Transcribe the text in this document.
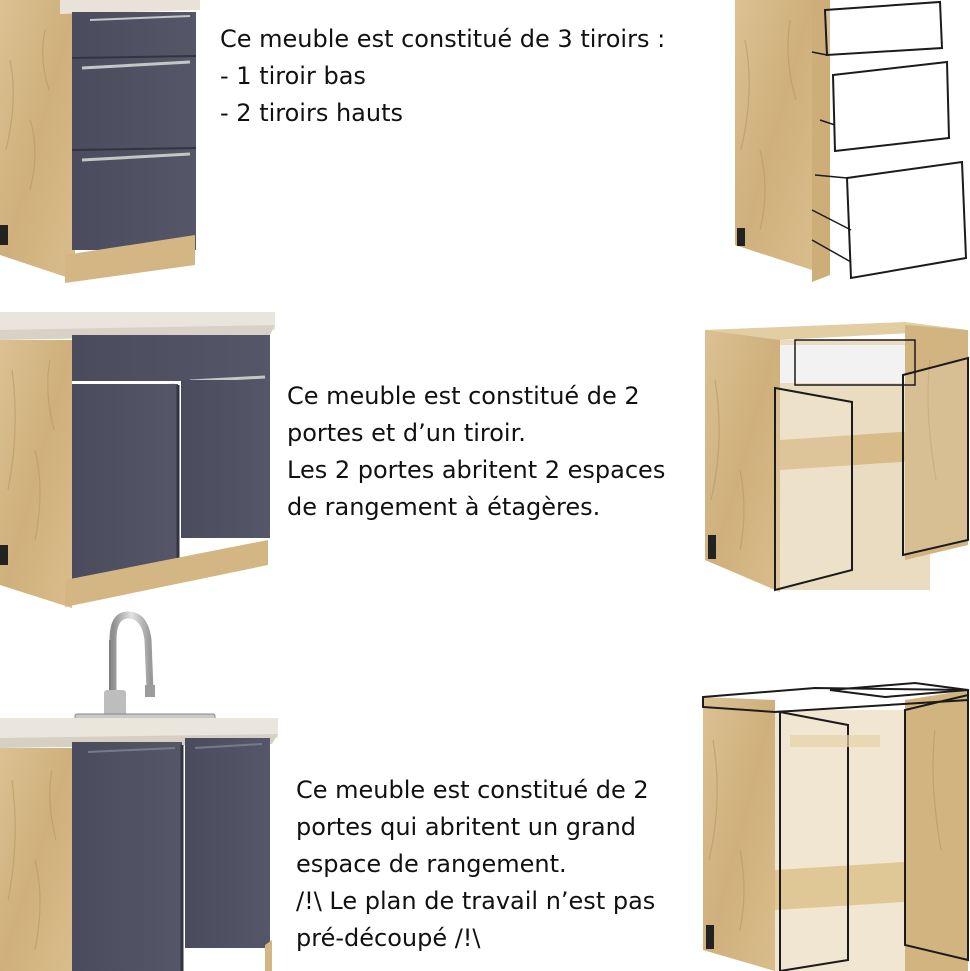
Ce meuble est constitué de 3 tiroirs :
- 1 tiroir bas
- 2 tiroirs hauts
Ce meuble est constitué de 2
portes et d’un tiroir.
Les 2 portes abritent 2 espaces
de rangement à étagères.
Ce meuble est constitué de 2
portes qui abritent un grand
espace de rangement.
/!\ Le plan de travail n’est pas
pré-découpé /!\
